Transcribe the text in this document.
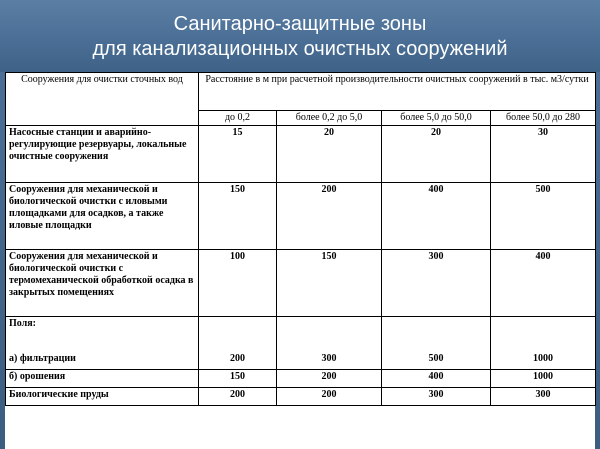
Санитарно-защитные зоны
для канализационных очистных сооружений
Сооружения для очистки сточных вод	Расстояние в м при расчетной производительности очистных сооружений в тыс. м3/сутки			
	до 0,2	более 0,2 до 5,0	более 5,0 до 50,0	более 50,0 до 280
Насосные станции и аварийно-регулирующие резервуары, локальные очистные сооружения	15	20	20	30
Сооружения для механической и биологической очистки с иловыми площадками для осадков, а также иловые площадки	150	200	400	500
Сооружения для механической и биологической очистки с термомеханической обработкой осадка в закрытых помещениях	100	150	300	400
Поля:				
а) фильтрации	200	300	500	1000
б) орошения	150	200	400	1000
Биологические пруды	200	200	300	300
